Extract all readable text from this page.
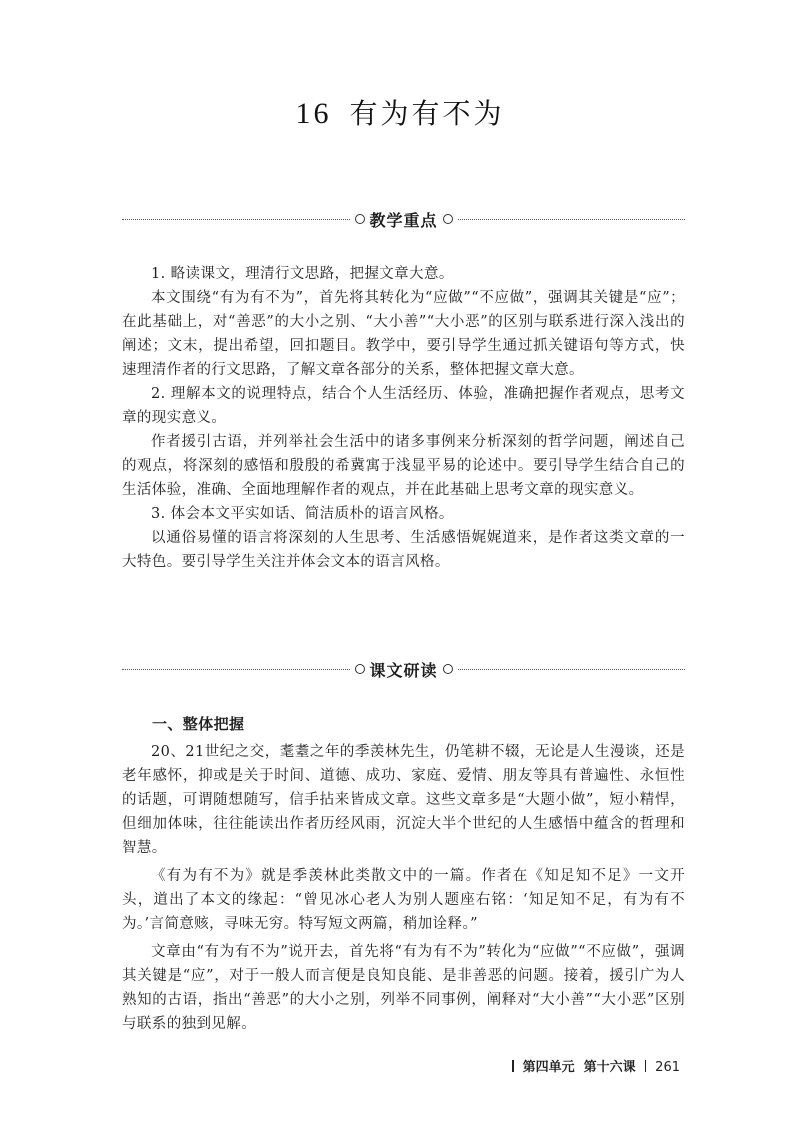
16 有为有不为
教学重点

1. 略读课文，理清行文思路，把握文章大意。

本文围绕“有为有不为”，首先将其转化为“应做”“不应做”，强调其关键是“应”；在此基础上，对“善恶”的大小之别、“大小善”“大小恶”的区别与联系进行深入浅出的阐述；文末，提出希望，回扣题目。教学中，要引导学生通过抓关键语句等方式，快速理清作者的行文思路，了解文章各部分的关系，整体把握文章大意。

2. 理解本文的说理特点，结合个人生活经历、体验，准确把握作者观点，思考文章的现实意义。

作者援引古语，并列举社会生活中的诸多事例来分析深刻的哲学问题，阐述自己的观点，将深刻的感悟和殷殷的希冀寓于浅显平易的论述中。要引导学生结合自己的生活体验，准确、全面地理解作者的观点，并在此基础上思考文章的现实意义。

3. 体会本文平实如话、简洁质朴的语言风格。

以通俗易懂的语言将深刻的人生思考、生活感悟娓娓道来，是作者这类文章的一大特色。要引导学生关注并体会文本的语言风格。

课文研读
一、整体把握

20、21世纪之交，耄耋之年的季羡林先生，仍笔耕不辍，无论是人生漫谈，还是老年感怀，抑或是关于时间、道德、成功、家庭、爱情、朋友等具有普遍性、永恒性的话题，可谓随想随写，信手拈来皆成文章。这些文章多是“大题小做”，短小精悍，但细加体味，往往能读出作者历经风雨，沉淀大半个世纪的人生感悟中蕴含的哲理和智慧。

《有为有不为》就是季羡林此类散文中的一篇。作者在《知足知不足》一文开头，道出了本文的缘起：“曾见冰心老人为别人题座右铭：‘知足知不足，有为有不为。’言简意赅，寻味无穷。特写短文两篇，稍加诠释。”

文章由“有为有不为”说开去，首先将“有为有不为”转化为“应做”“不应做”，强调其关键是“应”，对于一般人而言便是良知良能、是非善恶的问题。接着，援引广为人熟知的古语，指出“善恶”的大小之别，列举不同事例，阐释对“大小善”“大小恶”区别与联系的独到见解。

第四单元 第十六课 261
